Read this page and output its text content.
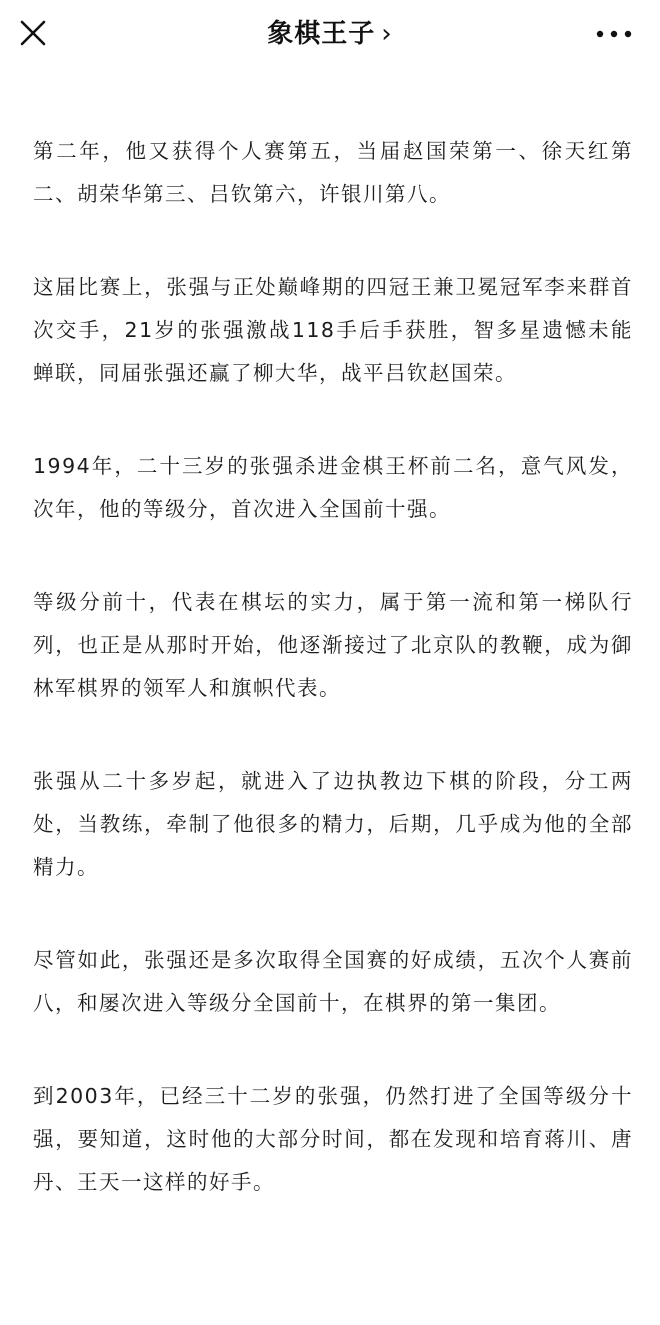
象棋王子 ›

第二年，他又获得个人赛第五，当届赵国荣第一、徐天红第二、胡荣华第三、吕钦第六，许银川第八。

这届比赛上，张强与正处巅峰期的四冠王兼卫冕冠军李来群首次交手，21岁的张强激战118手后手获胜，智多星遗憾未能蝉联，同届张强还赢了柳大华，战平吕钦赵国荣。

1994年，二十三岁的张强杀进金棋王杯前二名，意气风发，次年，他的等级分，首次进入全国前十强。

等级分前十，代表在棋坛的实力，属于第一流和第一梯队行列，也正是从那时开始，他逐渐接过了北京队的教鞭，成为御林军棋界的领军人和旗帜代表。

张强从二十多岁起，就进入了边执教边下棋的阶段，分工两处，当教练，牵制了他很多的精力，后期，几乎成为他的全部精力。

尽管如此，张强还是多次取得全国赛的好成绩，五次个人赛前八，和屡次进入等级分全国前十，在棋界的第一集团。

到2003年，已经三十二岁的张强，仍然打进了全国等级分十强，要知道，这时他的大部分时间，都在发现和培育蒋川、唐丹、王天一这样的好手。
